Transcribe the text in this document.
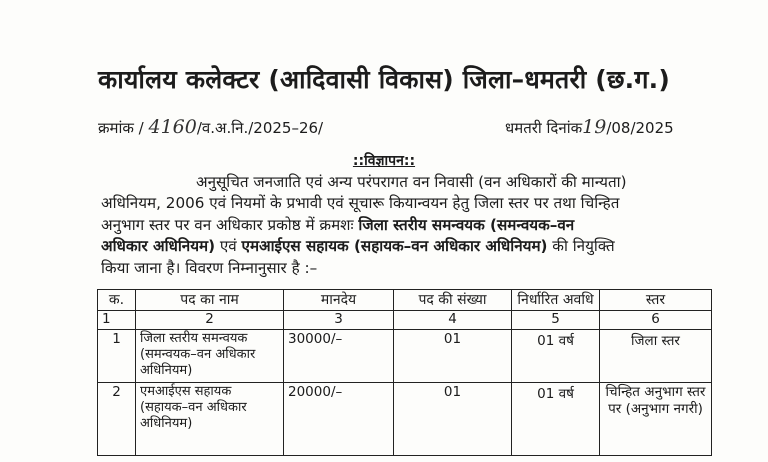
कार्यालय कलेक्टर (आदिवासी विकास) जिला–धमतरी (छ.ग.)
क्रमांक / 4160/व.अ.नि./2025–26/	धमतरी दिनांक19/08/2025
::विज्ञापन::
अनुसूचित जनजाति एवं अन्य परंपरागत वन निवासी (वन अधिकारों की मान्यता)
अधिनियम, 2006 एवं नियमों के प्रभावी एवं सूचारू कियान्वयन हेतु जिला स्तर पर तथा चिन्हित
अनुभाग स्तर पर वन अधिकार प्रकोष्ठ में क्रमशः जिला स्तरीय समन्वयक (समन्वयक–वन
अधिकार अधिनियम) एवं एमआईएस सहायक (सहायक–वन अधिकार अधिनियम) की नियुक्ति
किया जाना है। विवरण निम्नानुसार है :–
क.	पद का नाम	मानदेय	पद की संख्या	निर्धारित अवधि	स्तर
1	2	3	4	5	6
1	जिला स्तरीय समन्वयक
(समन्वयक–वन अधिकार
अधिनियम)	30000/–	01	01 वर्ष	जिला स्तर
2	एमआईएस सहायक
(सहायक–वन अधिकार
अधिनियम)	20000/–	01	01 वर्ष	चिन्हित अनुभाग स्तर पर (अनुभाग नगरी)
